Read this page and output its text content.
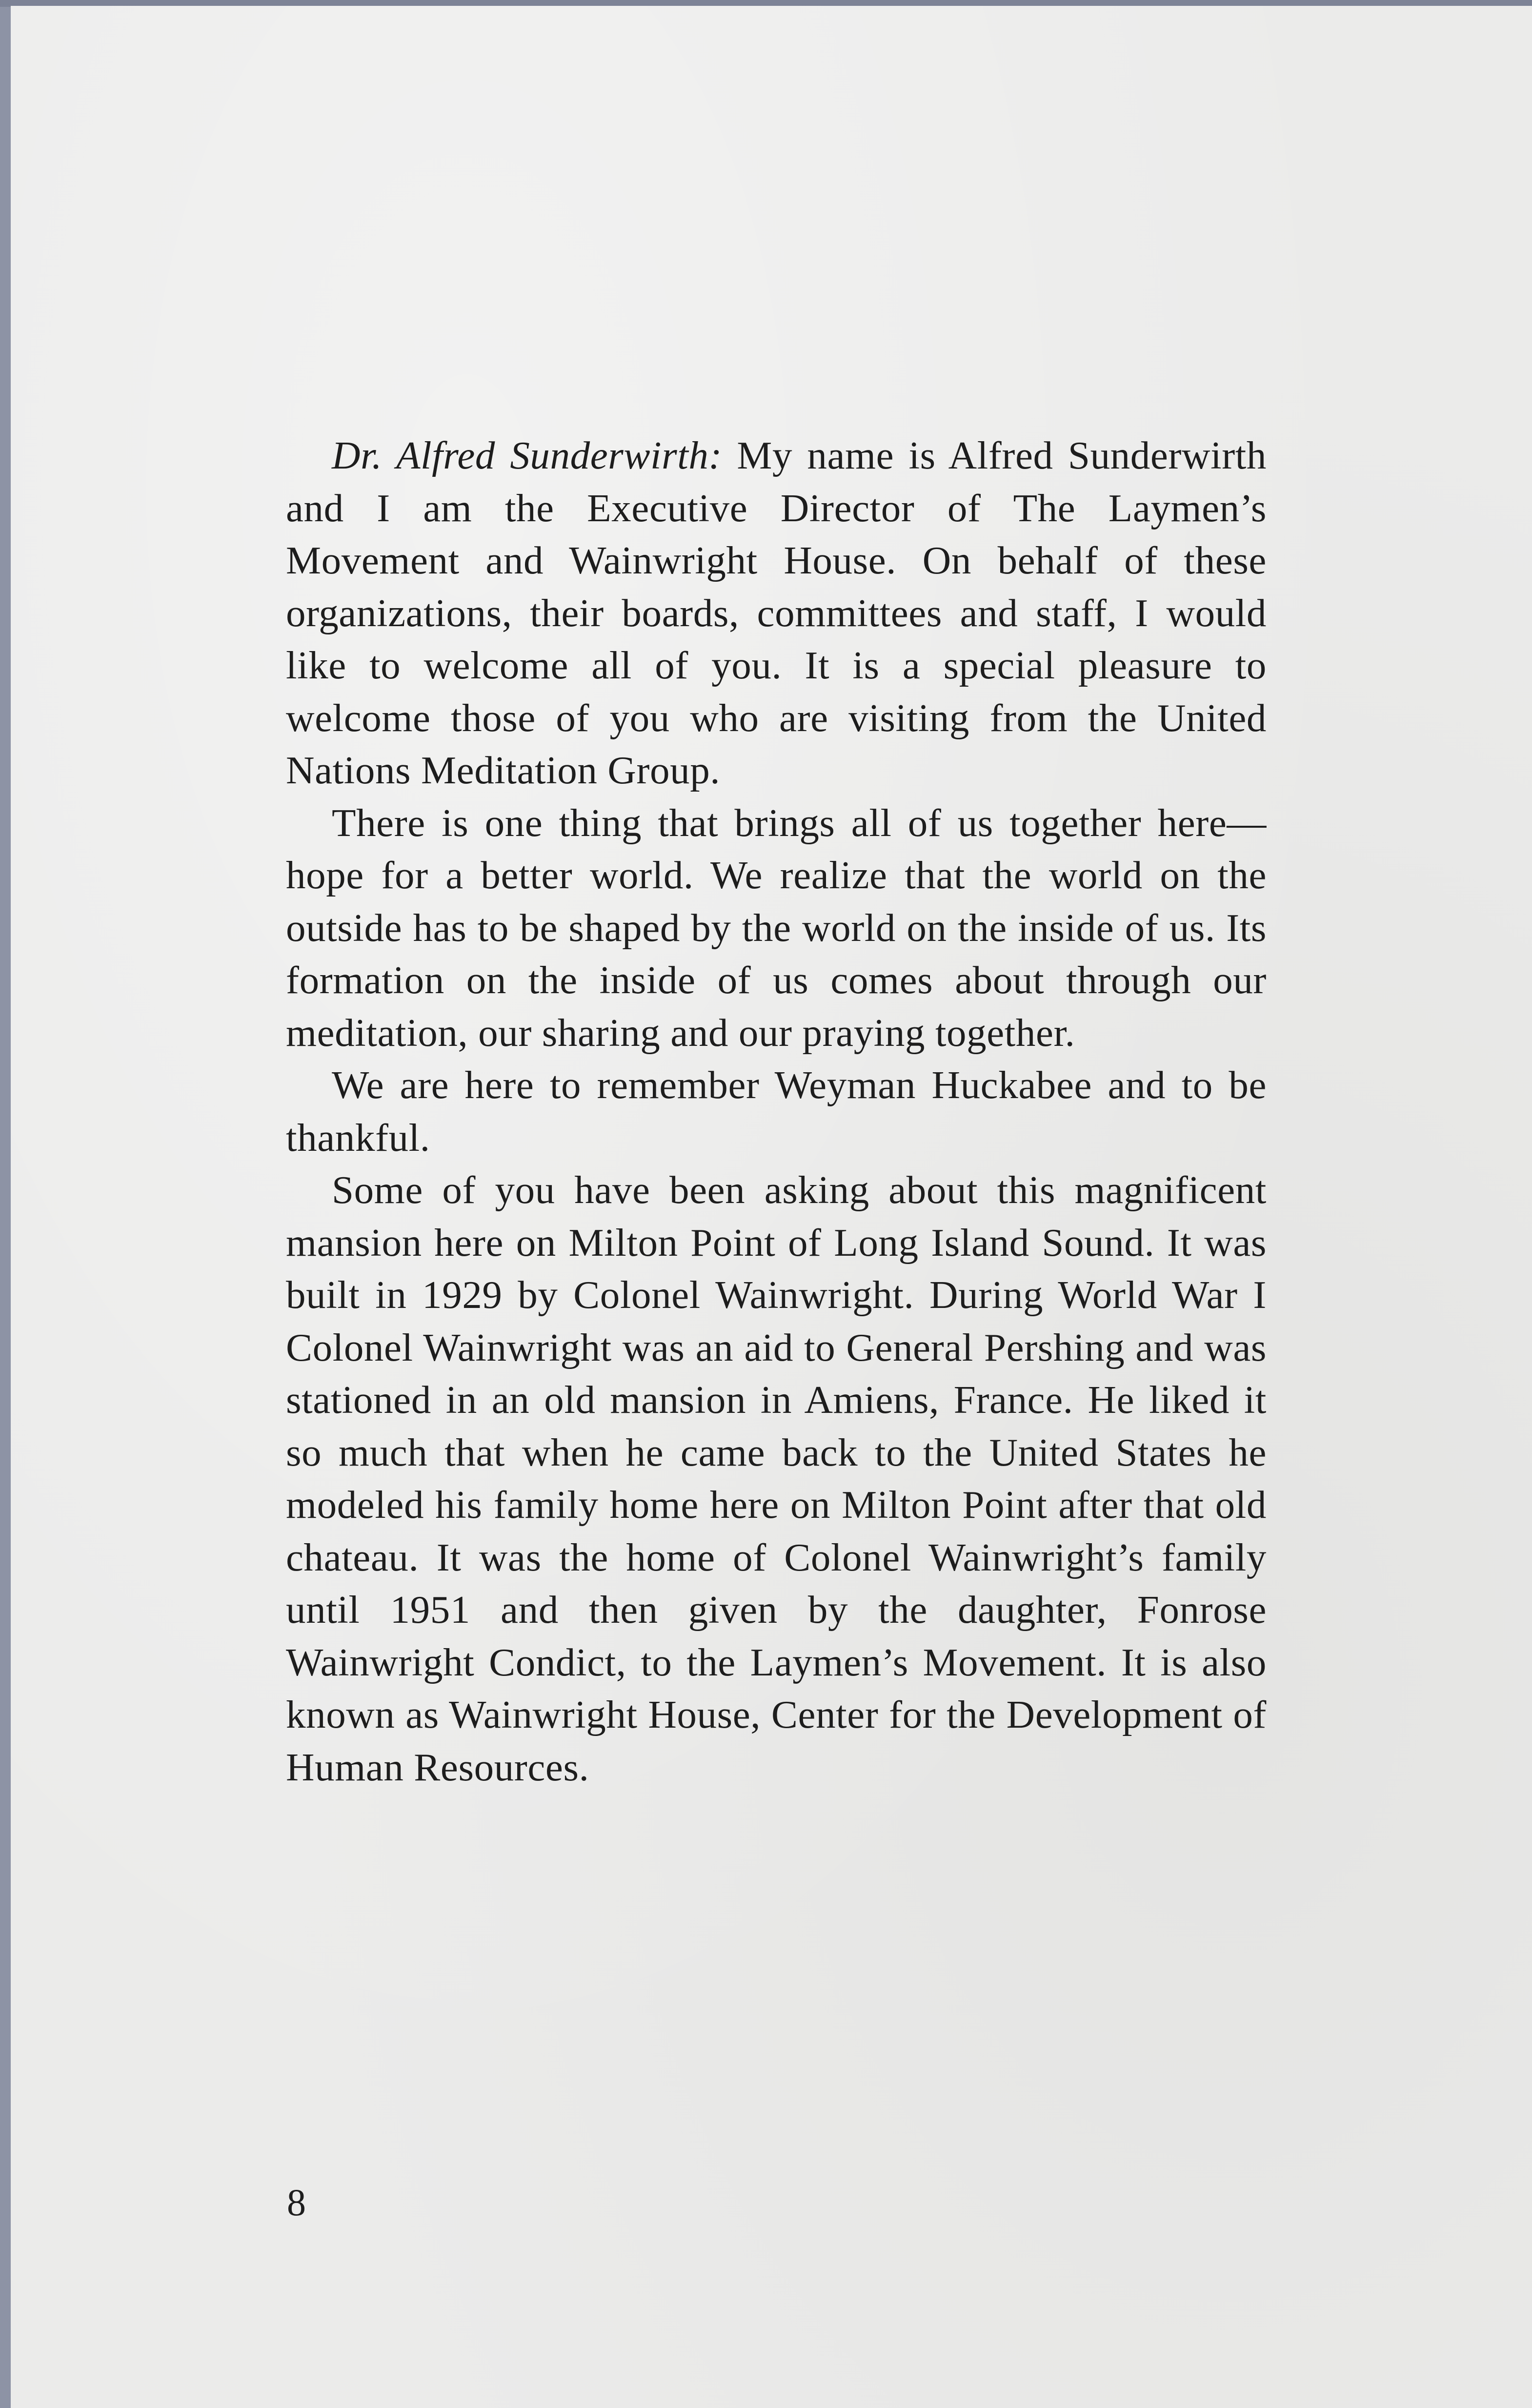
Dr. Alfred Sunderwirth: My name is Alfred Sunderwirth and I am the Executive Director of The Laymen’s Movement and Wainwright House. On behalf of these organizations, their boards, committees and staff, I would like to welcome all of you. It is a special pleasure to welcome those of you who are visiting from the United Nations Meditation Group.

There is one thing that brings all of us together here—hope for a better world. We realize that the world on the outside has to be shaped by the world on the inside of us. Its formation on the inside of us comes about through our meditation, our sharing and our praying together.

We are here to remember Weyman Huckabee and to be thankful.

Some of you have been asking about this magnificent mansion here on Milton Point of Long Island Sound. It was built in 1929 by Colonel Wainwright. During World War I Colonel Wainwright was an aid to General Pershing and was stationed in an old mansion in Amiens, France. He liked it so much that when he came back to the United States he modeled his family home here on Milton Point after that old chateau. It was the home of Colonel Wainwright’s family until 1951 and then given by the daughter, Fonrose Wainwright Condict, to the Laymen’s Movement. It is also known as Wainwright House, Center for the Development of Human Resources.

8
